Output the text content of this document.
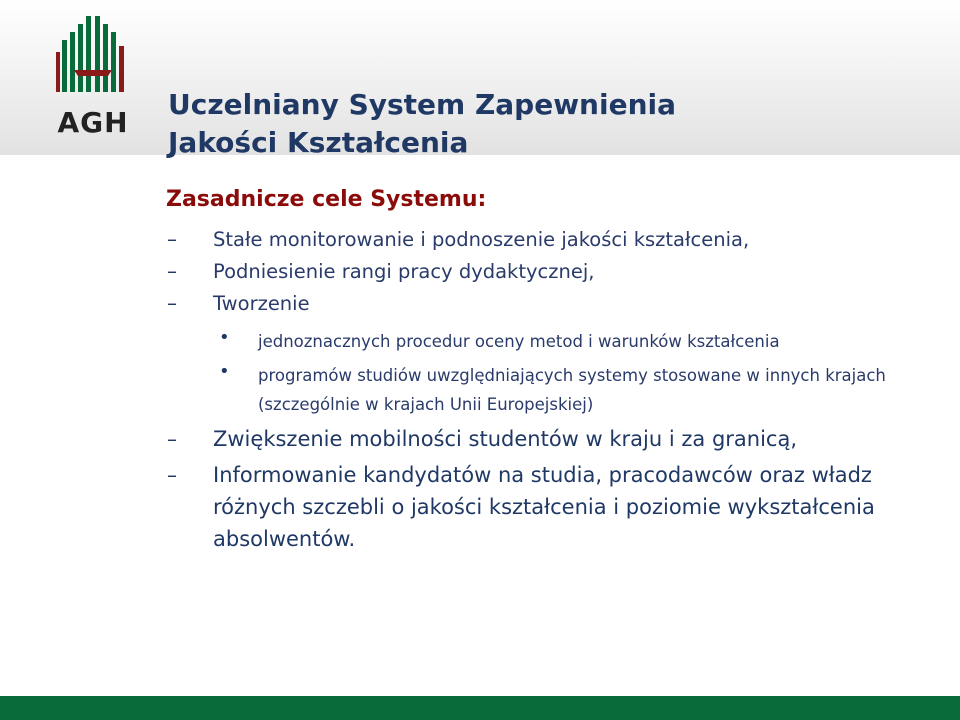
AGH
Uczelniany System Zapewnienia
Jakości Kształcenia
Zasadnicze cele Systemu:
– Stałe monitorowanie i podnoszenie jakości kształcenia,
– Podniesienie rangi pracy dydaktycznej,
– Tworzenie
• jednoznacznych procedur oceny metod i warunków kształcenia
• programów studiów uwzględniających systemy stosowane w innych krajach (szczególnie w krajach Unii Europejskiej)
– Zwiększenie mobilności studentów w kraju i za granicą,
– Informowanie kandydatów na studia, pracodawców oraz władz różnych szczebli o jakości kształcenia i poziomie wykształcenia absolwentów.
